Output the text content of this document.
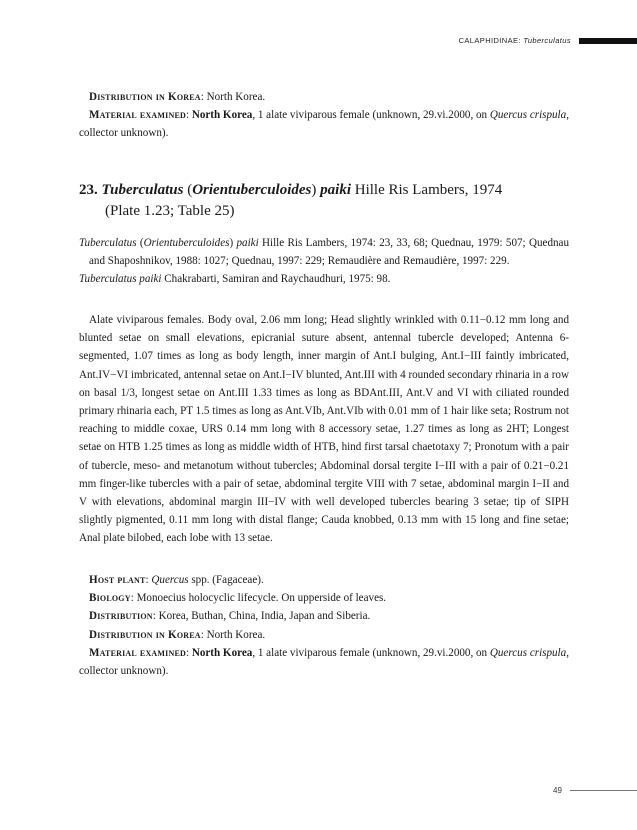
CALAPHIDINAE: Tuberculatus

Distribution in Korea: North Korea.

Material examined: North Korea, 1 alate viviparous female (unknown, 29.vi.2000, on Quercus crispula, collector unknown).

23. Tuberculatus (Orientuberculoides) paiki Hille Ris Lambers, 1974
(Plate 1.23; Table 25)

Tuberculatus (Orientuberculoides) paiki Hille Ris Lambers, 1974: 23, 33, 68; Quednau, 1979: 507; Quednau and Shaposhnikov, 1988: 1027; Quednau, 1997: 229; Remaudière and Remaudière, 1997: 229.

Tuberculatus paiki Chakrabarti, Samiran and Raychaudhuri, 1975: 98.

Alate viviparous females. Body oval, 2.06 mm long; Head slightly wrinkled with 0.11−0.12 mm long and blunted setae on small elevations, epicranial suture absent, antennal tubercle developed; Antenna 6-segmented, 1.07 times as long as body length, inner margin of Ant.I bulging, Ant.I−III faintly imbricated, Ant.IV−VI imbricated, antennal setae on Ant.I−IV blunted, Ant.III with 4 rounded secondary rhinaria in a row on basal 1/3, longest setae on Ant.III 1.33 times as long as BDAnt.III, Ant.V and VI with ciliated rounded primary rhinaria each, PT 1.5 times as long as Ant.VIb, Ant.VIb with 0.01 mm of 1 hair like seta; Rostrum not reaching to middle coxae, URS 0.14 mm long with 8 accessory setae, 1.27 times as long as 2HT; Longest setae on HTB 1.25 times as long as middle width of HTB, hind first tarsal chaetotaxy 7; Pronotum with a pair of tubercle, meso- and metanotum without tubercles; Abdominal dorsal tergite I−III with a pair of 0.21−0.21 mm finger-like tubercles with a pair of setae, abdominal tergite VIII with 7 setae, abdominal margin I−II and V with elevations, abdominal margin III−IV with well developed tubercles bearing 3 setae; tip of SIPH slightly pigmented, 0.11 mm long with distal flange; Cauda knobbed, 0.13 mm with 15 long and fine setae; Anal plate bilobed, each lobe with 13 setae.

Host plant: Quercus spp. (Fagaceae).

Biology: Monoecius holocyclic lifecycle. On upperside of leaves.

Distribution: Korea, Buthan, China, India, Japan and Siberia.

Distribution in Korea: North Korea.

Material examined: North Korea, 1 alate viviparous female (unknown, 29.vi.2000, on Quercus crispula, collector unknown).

49
